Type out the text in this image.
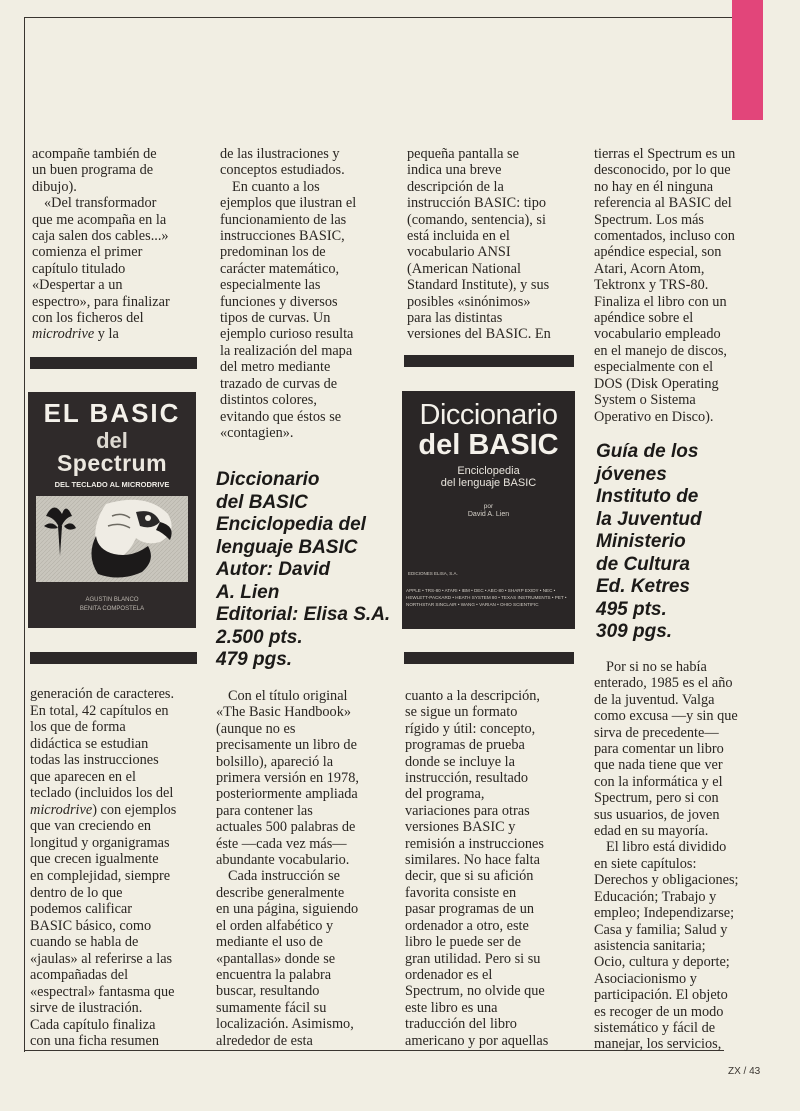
acompañe también de

un buen programa de

dibujo).

«Del transformador

que me acompaña en la

caja salen dos cables...»

comienza el primer

capítulo titulado

«Despertar a un

espectro», para finalizar

con los ficheros del

microdrive y la

EL BASIC
del
Spectrum
DEL TECLADO AL MICRODRIVE
AGUSTIN BLANCO
BENITA COMPOSTELA

generación de caracteres.

En total, 42 capítulos en

los que de forma

didáctica se estudian

todas las instrucciones

que aparecen en el

teclado (incluidos los del

microdrive) con ejemplos

que van creciendo en

longitud y organigramas

que crecen igualmente

en complejidad, siempre

dentro de lo que

podemos calificar

BASIC básico, como

cuando se habla de

«jaulas» al referirse a las

acompañadas del

«espectral» fantasma que

sirve de ilustración.

Cada capítulo finaliza

con una ficha resumen

de las ilustraciones y

conceptos estudiados.

En cuanto a los

ejemplos que ilustran el

funcionamiento de las

instrucciones BASIC,

predominan los de

carácter matemático,

especialmente las

funciones y diversos

tipos de curvas. Un

ejemplo curioso resulta

la realización del mapa

del metro mediante

trazado de curvas de

distintos colores,

evitando que éstos se

«contagien».

Diccionario
del BASIC
Enciclopedia del
lenguaje BASIC
Autor: David
A. Lien
Editorial: Elisa S.A.
2.500 pts.
479 pgs.

Con el título original

«The Basic Handbook»

(aunque no es

precisamente un libro de

bolsillo), apareció la

primera versión en 1978,

posteriormente ampliada

para contener las

actuales 500 palabras de

éste —cada vez más—

abundante vocabulario.

Cada instrucción se

describe generalmente

en una página, siguiendo

el orden alfabético y

mediante el uso de

«pantallas» donde se

encuentra la palabra

buscar, resultando

sumamente fácil su

localización. Asimismo,

alrededor de esta

pequeña pantalla se

indica una breve

descripción de la

instrucción BASIC: tipo

(comando, sentencia), si

está incluida en el

vocabulario ANSI

(American National

Standard Institute), y sus

posibles «sinónimos»

para las distintas

versiones del BASIC. En

Diccionario
del BASIC
Enciclopedia
del lenguaje BASIC
por
David A. Lien
EDICIONES ELISA, S.A.
APPLE • TRS-80 • ATARI • IBM • DEC • ABC-80 • SHARP EXIDY • NEC • HEWLETT-PACKARD • HEATH SYSTEM 80 • TEXAS INSTRUMENTS • PET • NORTHSTAR SINCLAIR • WANG • VARIAN • OHIO SCIENTIFIC

cuanto a la descripción,

se sigue un formato

rígido y útil: concepto,

programas de prueba

donde se incluye la

instrucción, resultado

del programa,

variaciones para otras

versiones BASIC y

remisión a instrucciones

similares. No hace falta

decir, que si su afición

favorita consiste en

pasar programas de un

ordenador a otro, este

libro le puede ser de

gran utilidad. Pero si su

ordenador es el

Spectrum, no olvide que

este libro es una

traducción del libro

americano y por aquellas

tierras el Spectrum es un

desconocido, por lo que

no hay en él ninguna

referencia al BASIC del

Spectrum. Los más

comentados, incluso con

apéndice especial, son

Atari, Acorn Atom,

Tektronx y TRS-80.

Finaliza el libro con un

apéndice sobre el

vocabulario empleado

en el manejo de discos,

especialmente con el

DOS (Disk Operating

System o Sistema

Operativo en Disco).

Guía de los
jóvenes
Instituto de
la Juventud
Ministerio
de Cultura
Ed. Ketres
495 pts.
309 pgs.

Por si no se había

enterado, 1985 es el año

de la juventud. Valga

como excusa —y sin que

sirva de precedente—

para comentar un libro

que nada tiene que ver

con la informática y el

Spectrum, pero si con

sus usuarios, de joven

edad en su mayoría.

El libro está dividido

en siete capítulos:

Derechos y obligaciones;

Educación; Trabajo y

empleo; Independizarse;

Casa y familia; Salud y

asistencia sanitaria;

Ocio, cultura y deporte;

Asociacionismo y

participación. El objeto

es recoger de un modo

sistemático y fácil de

manejar, los servicios,

ZX / 43
